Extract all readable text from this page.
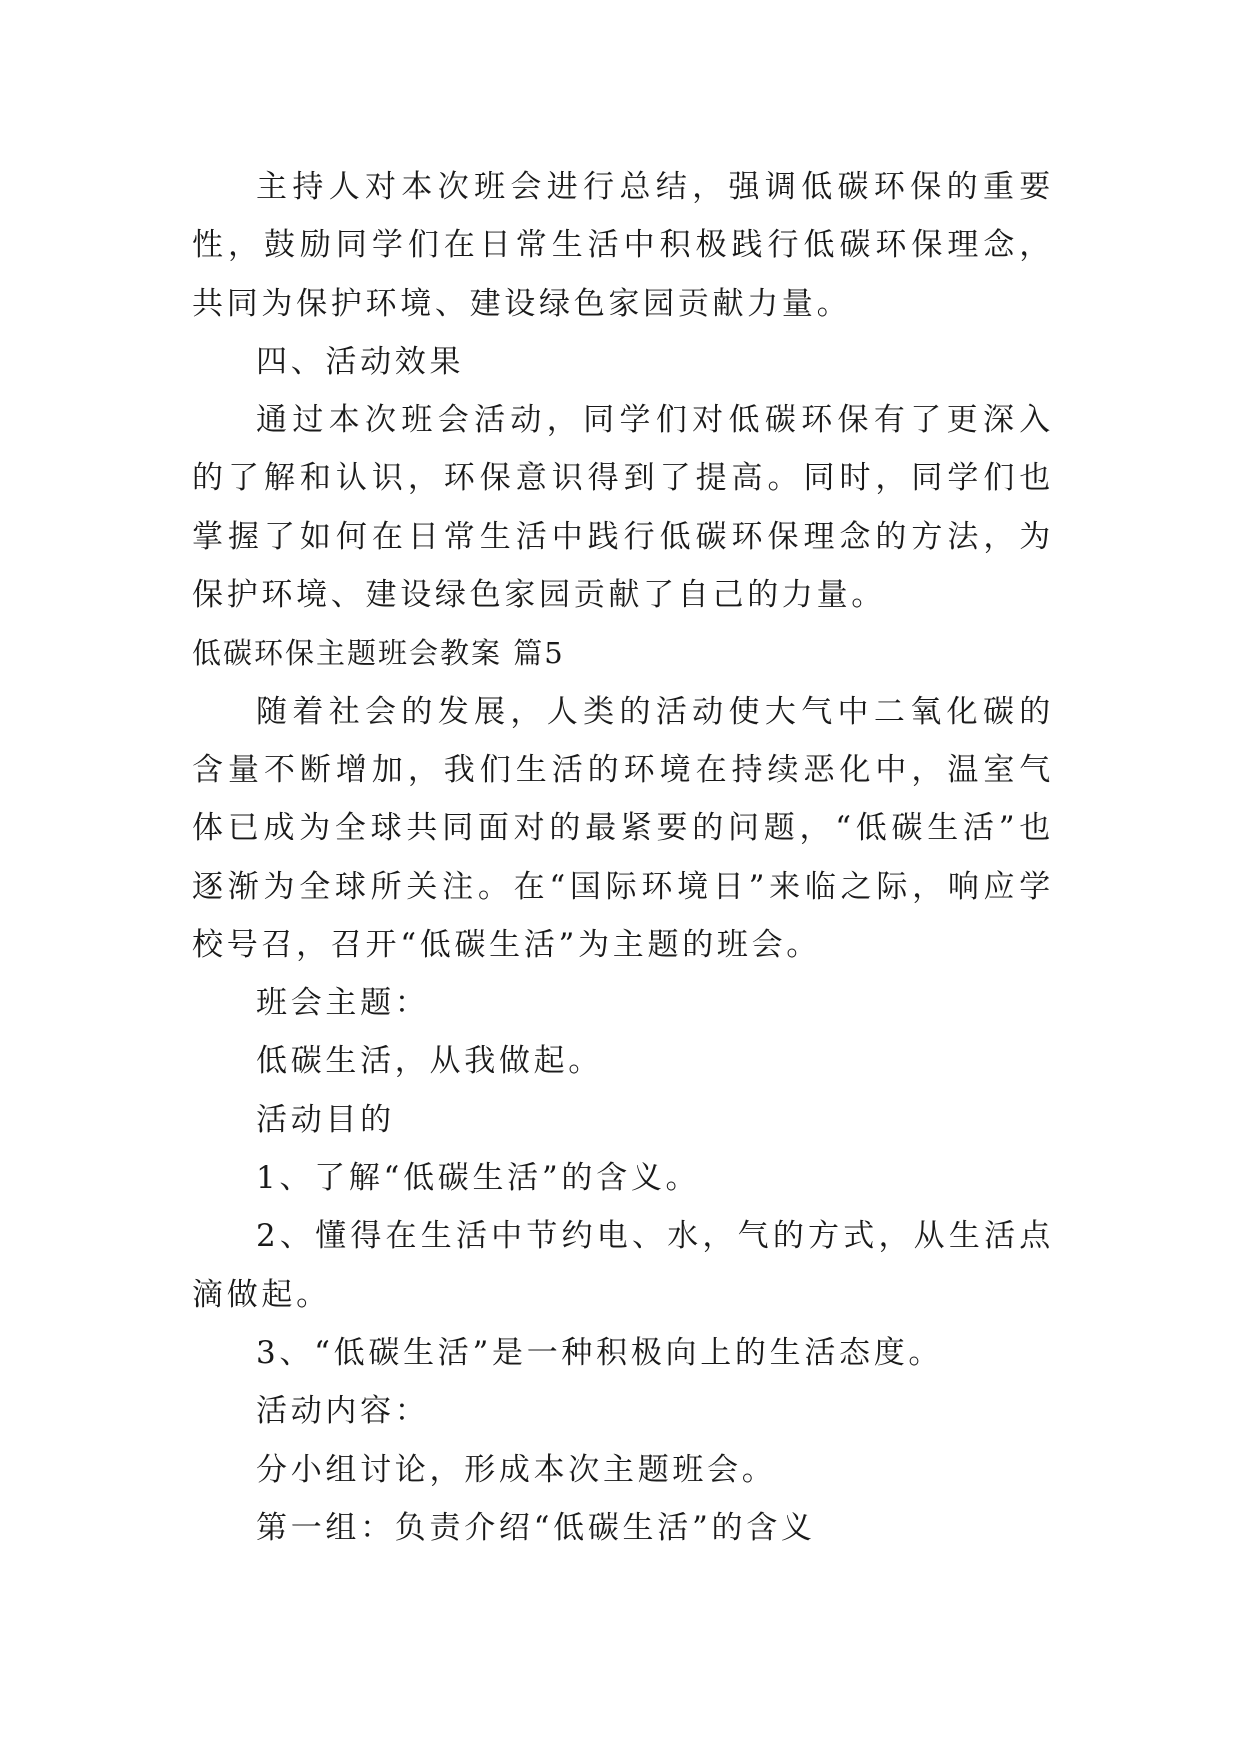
主持人对本次班会进行总结，强调低碳环保的重要性，鼓励同学们在日常生活中积极践行低碳环保理念，共同为保护环境、建设绿色家园贡献力量。

四、活动效果

通过本次班会活动，同学们对低碳环保有了更深入的了解和认识，环保意识得到了提高。同时，同学们也掌握了如何在日常生活中践行低碳环保理念的方法，为保护环境、建设绿色家园贡献了自己的力量。

低碳环保主题班会教案 篇5

随着社会的发展，人类的活动使大气中二氧化碳的含量不断增加，我们生活的环境在持续恶化中，温室气体已成为全球共同面对的最紧要的问题，“低碳生活”也逐渐为全球所关注。在“国际环境日”来临之际，响应学校号召，召开“低碳生活”为主题的班会。

班会主题：

低碳生活，从我做起。

活动目的

1、了解“低碳生活”的含义。

2、懂得在生活中节约电、水，气的方式，从生活点滴做起。

3、“低碳生活”是一种积极向上的生活态度。

活动内容：

分小组讨论，形成本次主题班会。

第一组：负责介绍“低碳生活”的含义
